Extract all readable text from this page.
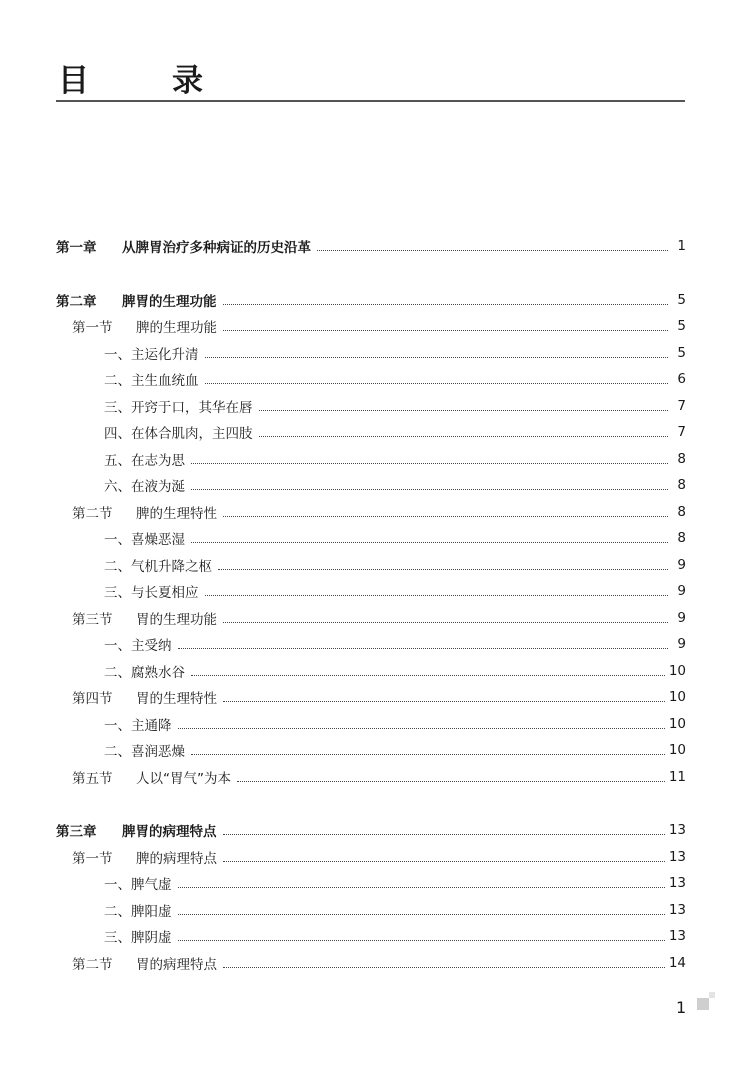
目　录
第一章	从脾胃治疗多种病证的历史沿革	1
第二章	脾胃的生理功能	5
第一节	脾的生理功能	5
一、主运化升清	5
二、主生血统血	6
三、开窍于口，其华在唇	7
四、在体合肌肉，主四肢	7
五、在志为思	8
六、在液为涎	8
第二节	脾的生理特性	8
一、喜燥恶湿	8
二、气机升降之枢	9
三、与长夏相应	9
第三节	胃的生理功能	9
一、主受纳	9
二、腐熟水谷	10
第四节	胃的生理特性	10
一、主通降	10
二、喜润恶燥	10
第五节	人以“胃气”为本	11
第三章	脾胃的病理特点	13
第一节	脾的病理特点	13
一、脾气虚	13
二、脾阳虚	13
三、脾阴虚	13
第二节	胃的病理特点	14
1
